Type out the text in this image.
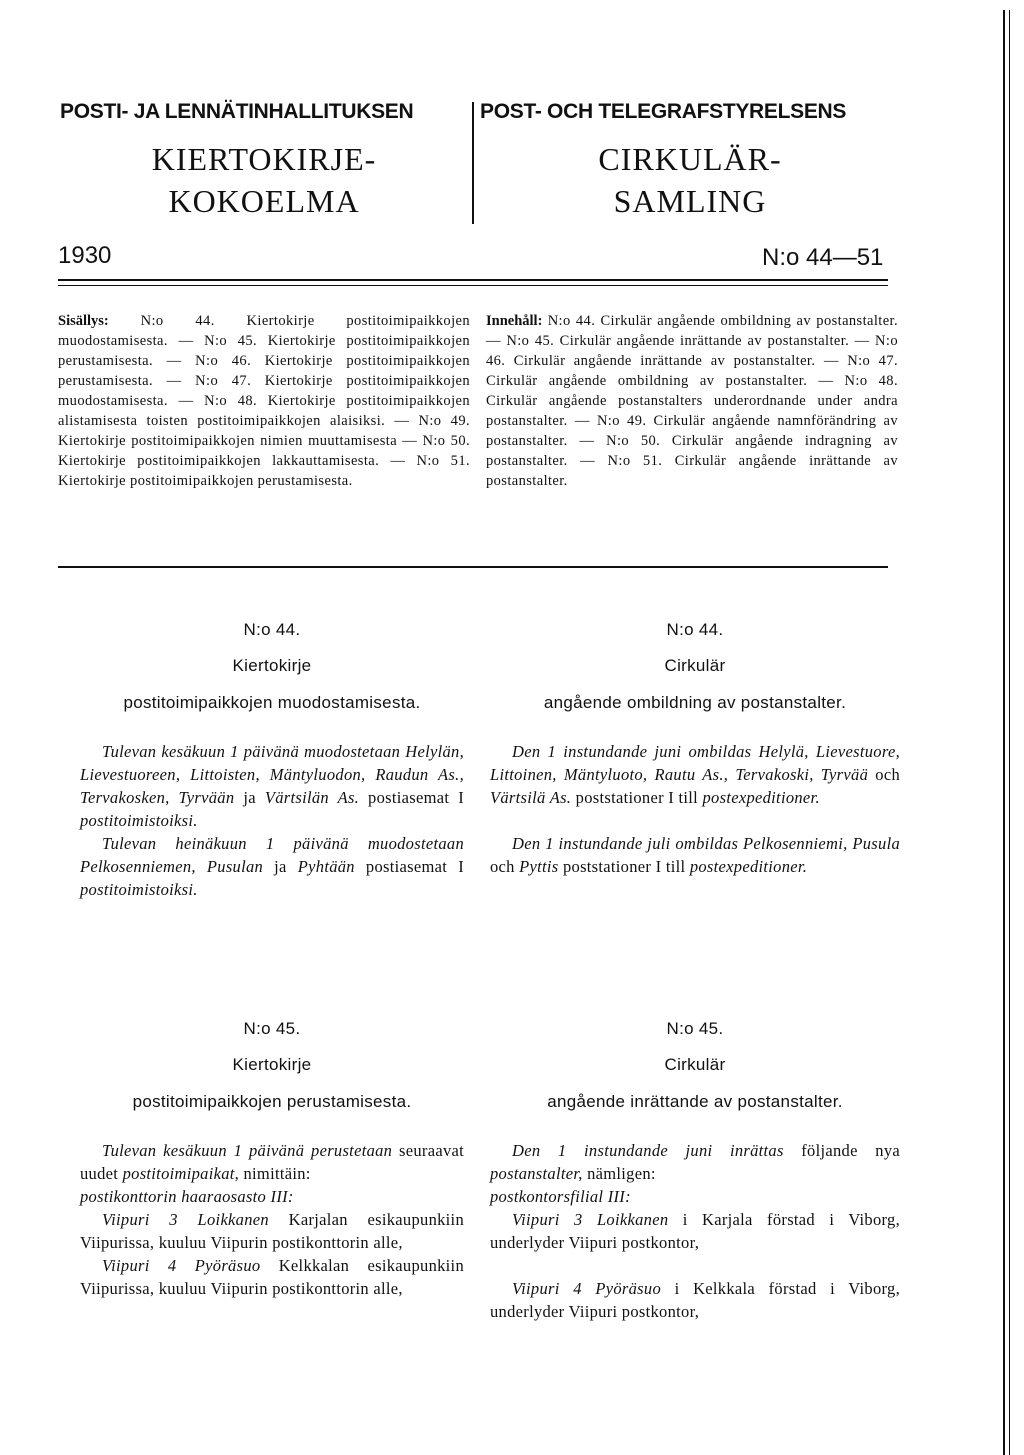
POSTI- JA LENNÄTINHALLITUKSEN
KIERTOKIRJE-
KOKOELMA
POST- OCH TELEGRAFSTYRELSENS
CIRKULÄR-
SAMLING
1930	N:o 44—51
Sisällys: N:o 44. Kiertokirje postitoimipaikkojen muodostamisesta. — N:o 45. Kiertokirje postitoimipaikkojen perustamisesta. — N:o 46. Kiertokirje postitoimipaikkojen perustamisesta. — N:o 47. Kiertokirje postitoimipaikkojen muodostamisesta. — N:o 48. Kiertokirje postitoimipaikkojen alistamisesta toisten postitoimipaikkojen alaisiksi. — N:o 49. Kiertokirje postitoimipaikkojen nimien muuttamisesta — N:o 50. Kiertokirje postitoimipaikkojen lakkauttamisesta. — N:o 51. Kiertokirje postitoimipaikkojen perustamisesta.
Innehåll: N:o 44. Cirkulär angående ombildning av postanstalter. — N:o 45. Cirkulär angående inrättande av postanstalter. — N:o 46. Cirkulär angående inrättande av postanstalter. — N:o 47. Cirkulär angående ombildning av postanstalter. — N:o 48. Cirkulär angående postanstalters underordnande under andra postanstalter. — N:o 49. Cirkulär angående namnförändring av postanstalter. — N:o 50. Cirkulär angående indragning av postanstalter. — N:o 51. Cirkulär angående inrättande av postanstalter.
N:o 44.
Kiertokirje
postitoimipaikkojen muodostamisesta.

Tulevan kesäkuun 1 päivänä muodostetaan Helylän, Lievestuoreen, Littoisten, Mäntyluodon, Raudun As., Tervakosken, Tyrvään ja Värtsilän As. postiasemat I postitoimistoiksi.

Tulevan heinäkuun 1 päivänä muodostetaan Pelkosenniemen, Pusulan ja Pyhtään postiasemat I postitoimistoiksi.

N:o 44.
Cirkulär
angående ombildning av postanstalter.

Den 1 instundande juni ombildas Helylä, Lievestuore, Littoinen, Mäntyluoto, Rautu As., Tervakoski, Tyrvää och Värtsilä As. poststationer I till postexpeditioner.

Den 1 instundande juli ombildas Pelkosenniemi, Pusula och Pyttis poststationer I till postexpeditioner.

N:o 45.
Kiertokirje
postitoimipaikkojen perustamisesta.

Tulevan kesäkuun 1 päivänä perustetaan seuraavat uudet postitoimipaikat, nimittäin:

postikonttorin haaraosasto III:

Viipuri 3 Loikkanen Karjalan esikaupunkiin Viipurissa, kuuluu Viipurin postikonttorin alle,

Viipuri 4 Pyöräsuo Kelkkalan esikaupunkiin Viipurissa, kuuluu Viipurin postikonttorin alle,

N:o 45.
Cirkulär
angående inrättande av postanstalter.

Den 1 instundande juni inrättas följande nya postanstalter, nämligen:

postkontorsfilial III:

Viipuri 3 Loikkanen i Karjala förstad i Viborg, underlyder Viipuri postkontor,

Viipuri 4 Pyöräsuo i Kelkkala förstad i Viborg, underlyder Viipuri postkontor,
